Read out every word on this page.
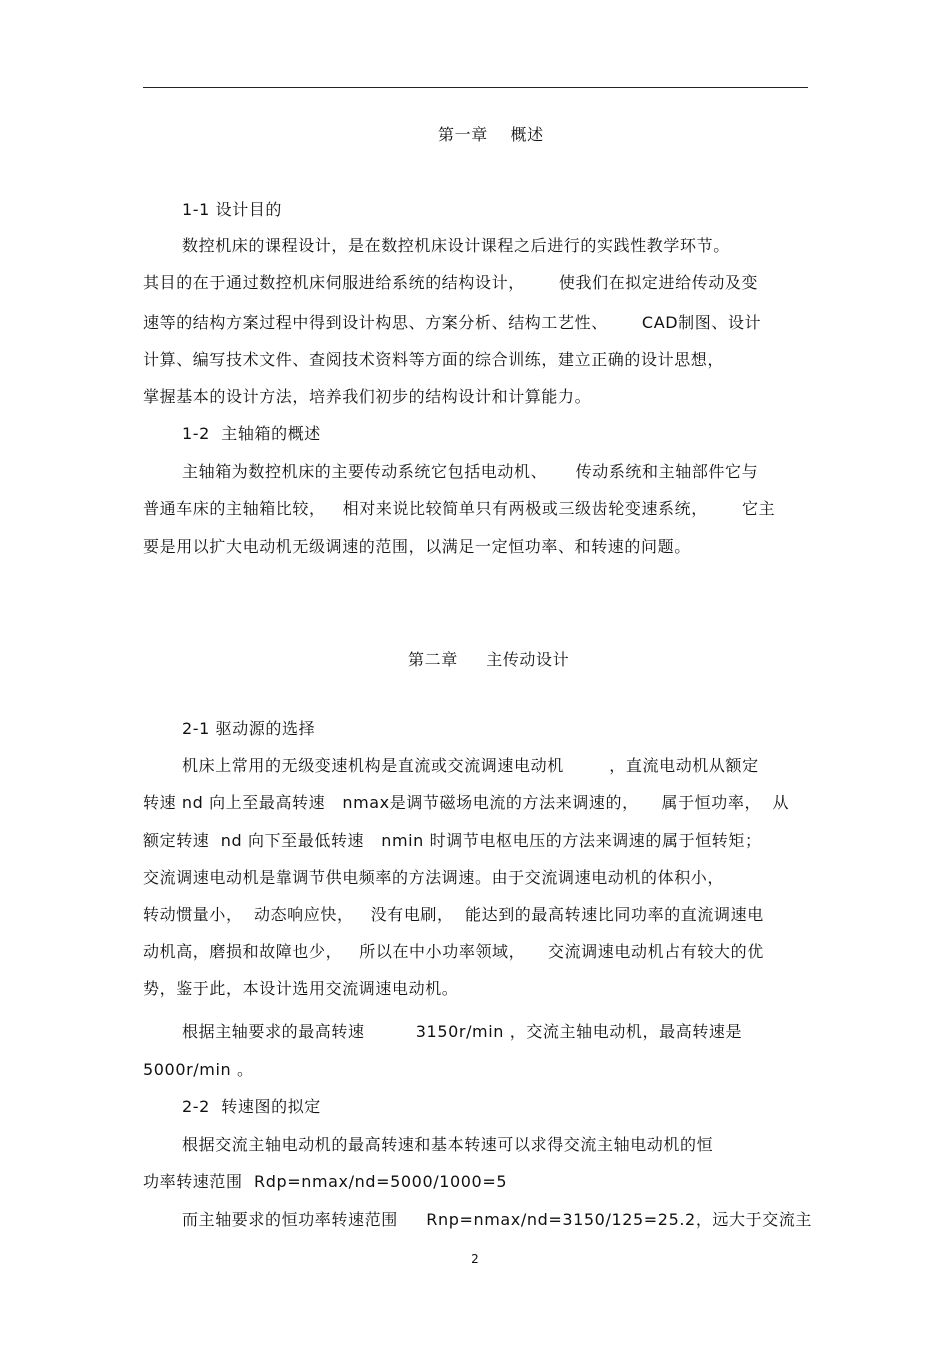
第一章    概述
1-1 设计目的
数控机床的课程设计，是在数控机床设计课程之后进行的实践性教学环节。
其目的在于通过数控机床伺服进给系统的结构设计，      使我们在拟定进给传动及变
速等的结构方案过程中得到设计构思、方案分析、结构工艺性、      CAD制图、设计
计算、编写技术文件、查阅技术资料等方面的综合训练，建立正确的设计思想，
掌握基本的设计方法，培养我们初步的结构设计和计算能力。
1-2  主轴箱的概述
主轴箱为数控机床的主要传动系统它包括电动机、     传动系统和主轴部件它与
普通车床的主轴箱比较，   相对来说比较简单只有两极或三级齿轮变速系统，      它主
要是用以扩大电动机无级调速的范围，以满足一定恒功率、和转速的问题。
第二章     主传动设计
2-1 驱动源的选择
机床上常用的无级变速机构是直流或交流调速电动机        ，直流电动机从额定
转速 nd 向上至最高转速   nmax是调节磁场电流的方法来调速的，    属于恒功率，  从
额定转速  nd 向下至最低转速   nmin 时调节电枢电压的方法来调速的属于恒转矩；
交流调速电动机是靠调节供电频率的方法调速。由于交流调速电动机的体积小，
转动惯量小，  动态响应快，   没有电刷，  能达到的最高转速比同功率的直流调速电
动机高，磨损和故障也少，   所以在中小功率领域，    交流调速电动机占有较大的优
势，鉴于此，本设计选用交流调速电动机。
根据主轴要求的最高转速         3150r/min ，交流主轴电动机，最高转速是
5000r/min 。
2-2  转速图的拟定
根据交流主轴电动机的最高转速和基本转速可以求得交流主轴电动机的恒
功率转速范围  Rdp=nmax/nd=5000/1000=5
而主轴要求的恒功率转速范围     Rnp=nmax/nd=3150/125=25.2，远大于交流主
2
